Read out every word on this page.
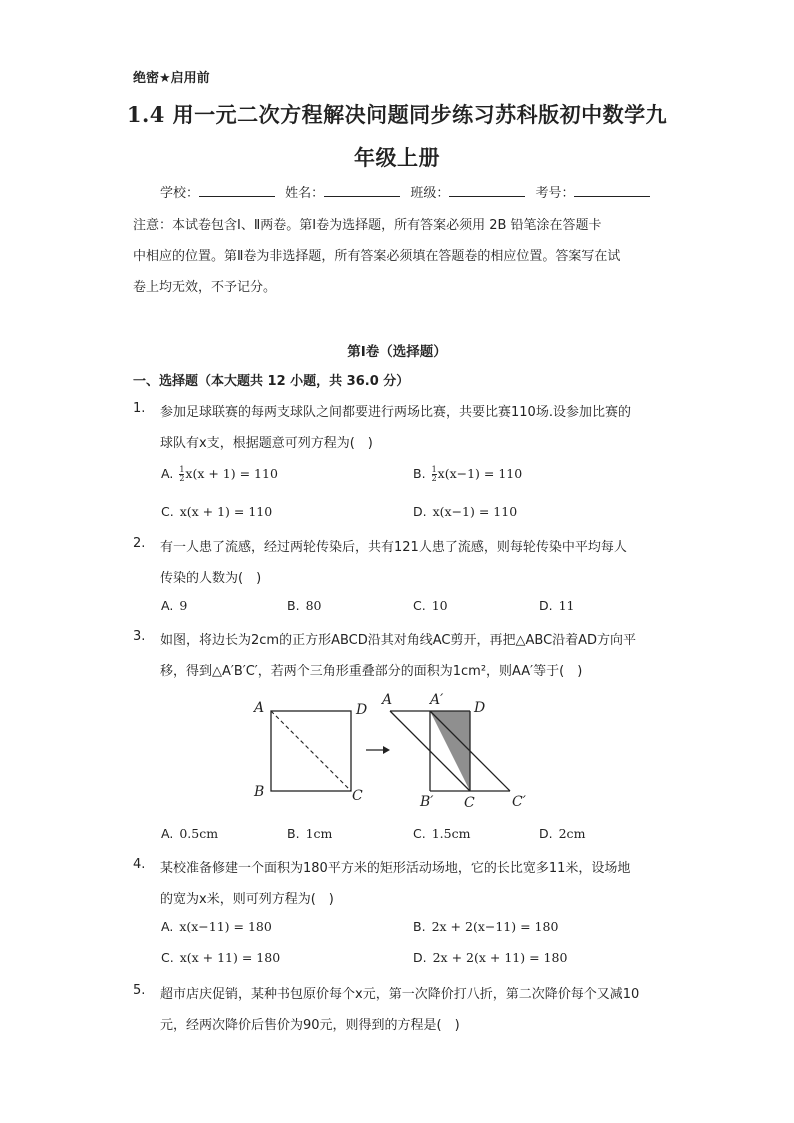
绝密★启用前
1.4 用一元二次方程解决问题同步练习苏科版初中数学九
年级上册
学校：	姓名：	班级：	考号：
注意：本试卷包含Ⅰ、Ⅱ两卷。第Ⅰ卷为选择题，所有答案必须用 2B 铅笔涂在答题卡
中相应的位置。第Ⅱ卷为非选择题，所有答案必须填在答题卷的相应位置。答案写在试
卷上均无效，不予记分。
第Ⅰ卷（选择题）
一、选择题（本大题共 12 小题，共 36.0 分）
1. 参加足球联赛的每两支球队之间都要进行两场比赛，共要比赛110场.设参加比赛的
球队有x支，根据题意可列方程为(　)
A. $\frac{1}{2} x(x + 1) = 110$	B. $\frac{1}{2} x(x-1) = 110$
C. x(x + 1) = 110	D. x(x−1) = 110
2. 有一人患了流感，经过两轮传染后，共有121人患了流感，则每轮传染中平均每人
传染的人数为(　)
A. 9	B. 80	C. 10	D. 11
3. 如图，将边长为2cm的正方形ABCD沿其对角线AC剪开，再把△ABC沿着AD方向平
移，得到△A′B′C′，若两个三角形重叠部分的面积为1cm²，则AA′等于(　)
A	D
B	C
A	A′ D
B′ C	C′
A. 0.5cm	B. 1cm	C. 1.5cm	D. 2cm
4. 某校准备修建一个面积为180平方米的矩形活动场地，它的长比宽多11米，设场地
的宽为x米，则可列方程为(　)
A. x(x−11) = 180	B. 2x + 2(x−11) = 180
C. x(x + 11) = 180	D. 2x + 2(x + 11) = 180
5. 超市店庆促销，某种书包原价每个x元，第一次降价打八折，第二次降价每个又减10
元，经两次降价后售价为90元，则得到的方程是(　)
